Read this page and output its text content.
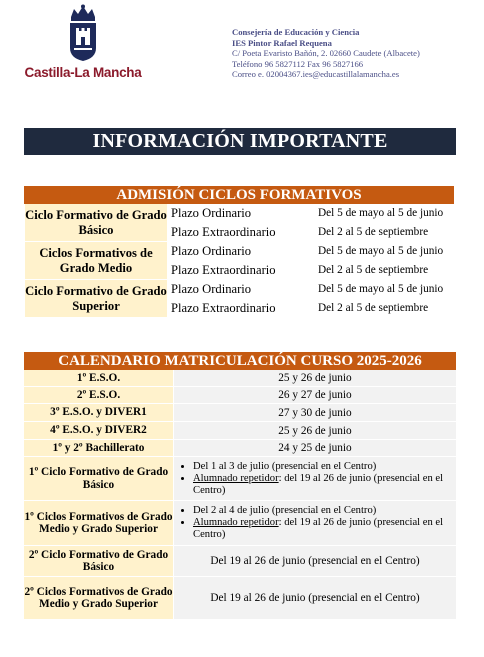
Castilla-La Mancha
Consejería de Educación y Ciencia
IES Pintor Rafael Requena
C/ Poeta Evaristo Bañón, 2. 02660 Caudete (Albacete)
Teléfono 96 5827112 Fax 96 5827166
Correo e. 02004367.ies@educastillalamancha.es
INFORMACIÓN IMPORTANTE
ADMISIÓN CICLOS FORMATIVOS
Ciclo Formativo de Grado Básico
Plazo Ordinario	Del 5 de mayo al 5 de junio
Plazo Extraordinario	Del 2 al 5 de septiembre
Ciclos Formativos de Grado Medio
Plazo Ordinario	Del 5 de mayo al 5 de junio
Plazo Extraordinario	Del 2 al 5 de septiembre
Ciclo Formativo de Grado Superior
Plazo Ordinario	Del 5 de mayo al 5 de junio
Plazo Extraordinario	Del 2 al 5 de septiembre
CALENDARIO MATRICULACIÓN CURSO 2025-2026
1º E.S.O.	25 y 26 de junio
2º E.S.O.	26 y 27 de junio
3º E.S.O. y DIVER1	27 y 30 de junio
4º E.S.O. y DIVER2	25 y 26 de junio
1º y 2º Bachillerato	24 y 25 de junio
1º Ciclo Formativo de Grado Básico
• Del 1 al 3 de julio (presencial en el Centro)
• Alumnado repetidor: del 19 al 26 de junio (presencial en el Centro)
1º Ciclos Formativos de Grado Medio y Grado Superior
• Del 2 al 4 de julio (presencial en el Centro)
• Alumnado repetidor: del 19 al 26 de junio (presencial en el Centro)
2º Ciclo Formativo de Grado Básico	Del 19 al 26 de junio (presencial en el Centro)
2º Ciclos Formativos de Grado Medio y Grado Superior	Del 19 al 26 de junio (presencial en el Centro)
